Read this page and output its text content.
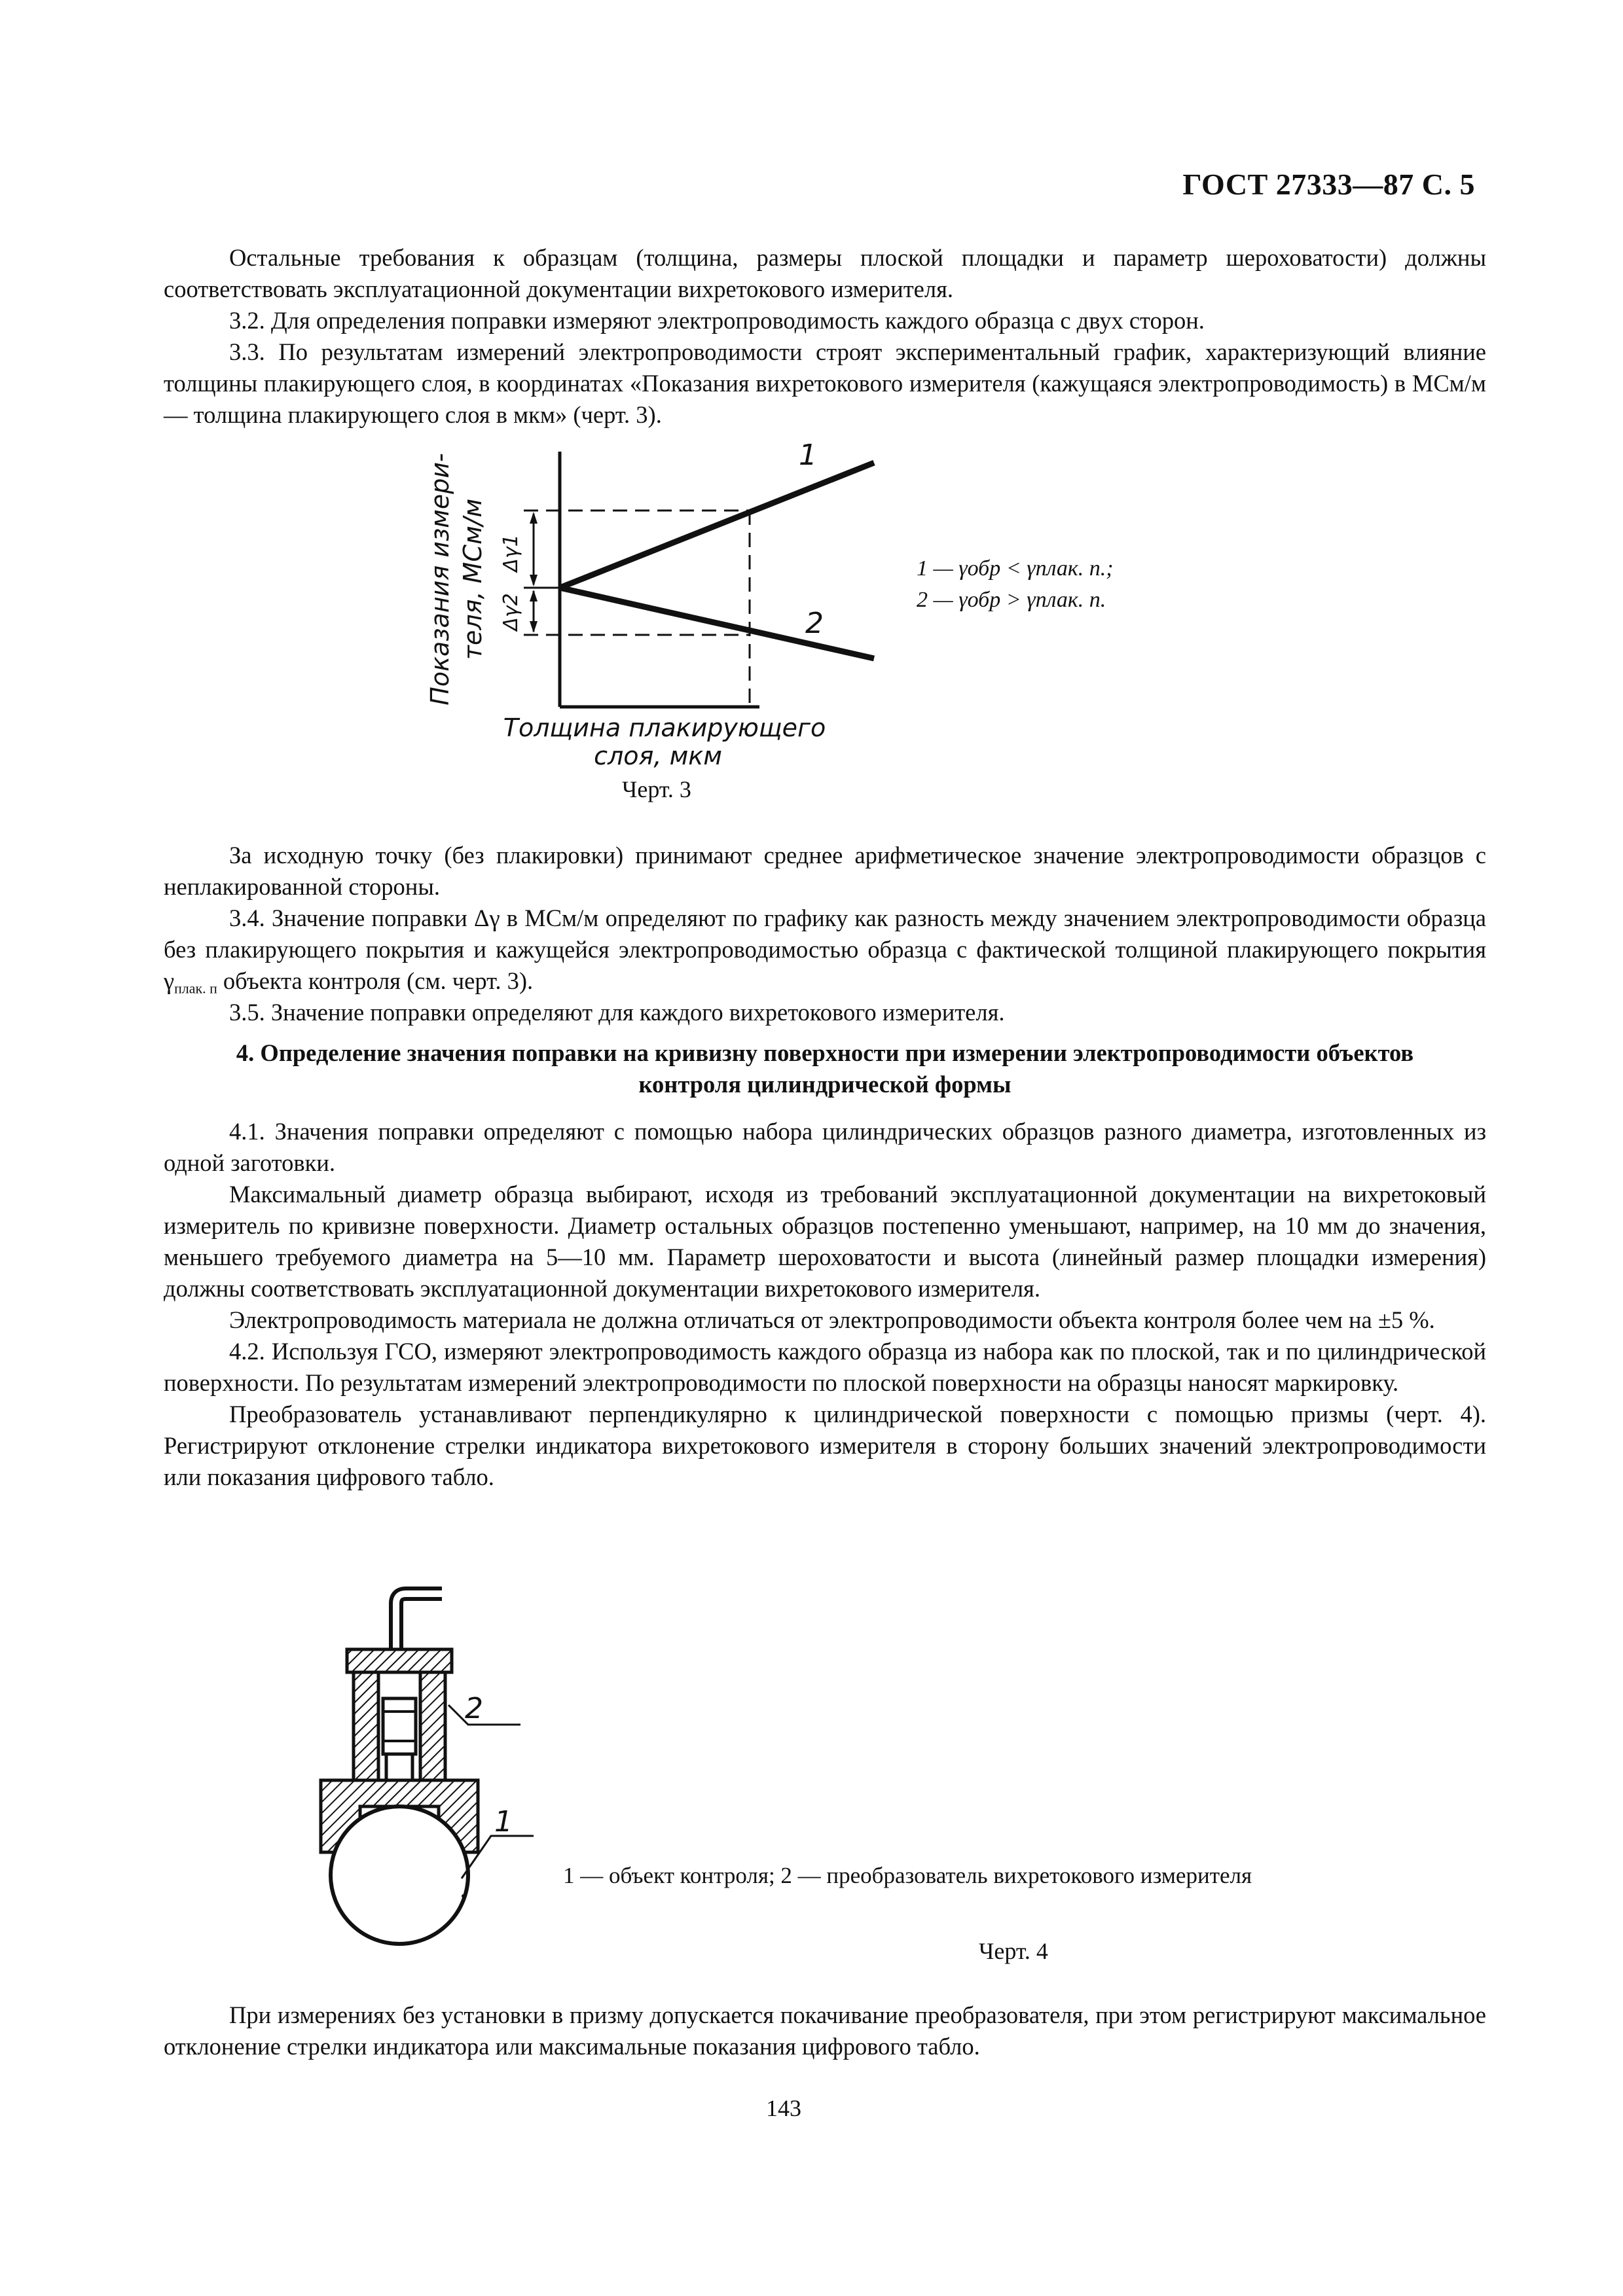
ГОСТ 27333—87 С. 5

Остальные требования к образцам (толщина, размеры плоской площадки и параметр шероховатости) должны соответствовать эксплуатационной документации вихретокового измерителя.

3.2. Для определения поправки измеряют электропроводимость каждого образца с двух сторон.

3.3. По результатам измерений электропроводимости строят экспериментальный график, характеризующий влияние толщины плакирующего слоя, в координатах «Показания вихретокового измерителя (кажущаяся электропроводимость) в МСм/м — толщина плакирующего слоя в мкм» (черт. 3).

1
2
Δγ1
Δγ2
Показания измери- теля, МСм/м
Толщина плакирующего
слоя, мкм
1 — γобр < γплак. п.;
2 — γобр > γплак. п.
Черт. 3

За исходную точку (без плакировки) принимают среднее арифметическое значение электропроводимости образцов с неплакированной стороны.

3.4. Значение поправки Δγ в МСм/м определяют по графику как разность между значением электропроводимости образца без плакирующего покрытия и кажущейся электропроводимостью образца с фактической толщиной плакирующего покрытия $\gamma_{плак. п}$ объекта контроля (см. черт. 3).

3.5. Значение поправки определяют для каждого вихретокового измерителя.

4. Определение значения поправки на кривизну поверхности при измерении электропроводимости объектов
контроля цилиндрической формы

4.1. Значения поправки определяют с помощью набора цилиндрических образцов разного диаметра, изготовленных из одной заготовки.

Максимальный диаметр образца выбирают, исходя из требований эксплуатационной документации на вихретоковый измеритель по кривизне поверхности. Диаметр остальных образцов постепенно уменьшают, например, на 10 мм до значения, меньшего требуемого диаметра на 5—10 мм. Параметр шероховатости и высота (линейный размер площадки измерения) должны соответствовать эксплуатационной документации вихретокового измерителя.

Электропроводимость материала не должна отличаться от электропроводимости объекта контроля более чем на ±5 %.

4.2. Используя ГСО, измеряют электропроводимость каждого образца из набора как по плоской, так и по цилиндрической поверхности. По результатам измерений электропроводимости по плоской поверхности на образцы наносят маркировку.

Преобразователь устанавливают перпендикулярно к цилиндрической поверхности с помощью призмы (черт. 4). Регистрируют отклонение стрелки индикатора вихретокового измерителя в сторону больших значений электропроводимости или показания цифрового табло.

2
1
1 — объект контроля; 2 — преобразователь вихретокового измерителя
Черт. 4

При измерениях без установки в призму допускается покачивание преобразователя, при этом регистрируют максимальное отклонение стрелки индикатора или максимальные показания цифрового табло.

143
